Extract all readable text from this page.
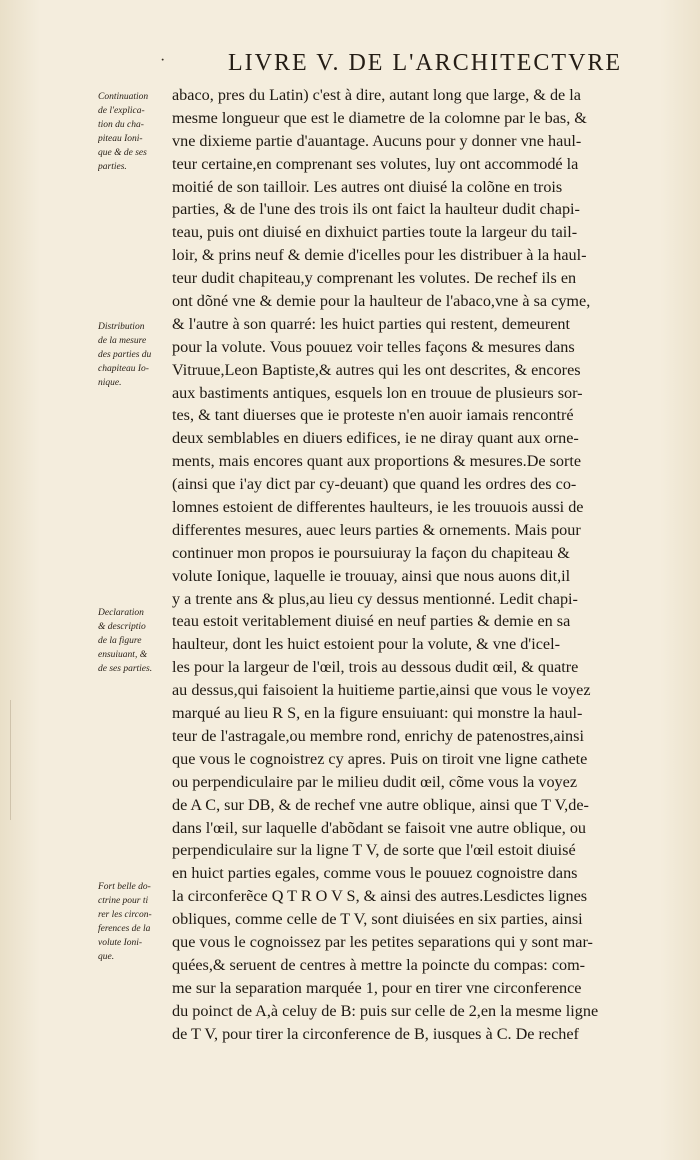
·	LIVRE V. DE L'ARCHITECTVRE
Continuation
de l'explica-
tion du cha-
piteau Ioni-
que & de ses
parties.
Distribution
de la mesure
des parties du
chapiteau Io-
nique.
Declaration
& descriptio
de la figure
ensuiuant, &
de ses parties.
Fort belle do-
ctrine pour ti
rer les circon-
ferences de la
volute Ioni-
que.
abaco, pres du Latin) c'est à dire, autant long que large, & de la
mesme longueur que est le diametre de la colomne par le bas, &
vne dixieme partie d'auantage. Aucuns pour y donner vne haul-
teur certaine,en comprenant ses volutes, luy ont accommodé la
moitié de son tailloir. Les autres ont diuisé la colõne en trois
parties, & de l'une des trois ils ont faict la haulteur dudit chapi-
teau, puis ont diuisé en dixhuict parties toute la largeur du tail-
loir, & prins neuf & demie d'icelles pour les distribuer à la haul-
teur dudit chapiteau,y comprenant les volutes. De rechef ils en
ont dõné vne & demie pour la haulteur de l'abaco,vne à sa cyme,
& l'autre à son quarré: les huict parties qui restent, demeurent
pour la volute. Vous pouuez voir telles façons & mesures dans
Vitruue,Leon Baptiste,& autres qui les ont descrites, & encores
aux bastiments antiques, esquels lon en trouue de plusieurs sor-
tes, & tant diuerses que ie proteste n'en auoir iamais rencontré
deux semblables en diuers edifices, ie ne diray quant aux orne-
ments, mais encores quant aux proportions & mesures.De sorte
(ainsi que i'ay dict par cy-deuant) que quand les ordres des co-
lomnes estoient de differentes haulteurs, ie les trouuois aussi de
differentes mesures, auec leurs parties & ornements. Mais pour
continuer mon propos ie poursuiuray la façon du chapiteau &
volute Ionique, laquelle ie trouuay, ainsi que nous auons dit,il
y a trente ans & plus,au lieu cy dessus mentionné. Ledit chapi-
teau estoit veritablement diuisé en neuf parties & demie en sa
haulteur, dont les huict estoient pour la volute, & vne d'icel-
les pour la largeur de l'œil, trois au dessous dudit œil, & quatre
au dessus,qui faisoient la huitieme partie,ainsi que vous le voyez
marqué au lieu R S, en la figure ensuiuant: qui monstre la haul-
teur de l'astragale,ou membre rond, enrichy de patenostres,ainsi
que vous le cognoistrez cy apres. Puis on tiroit vne ligne cathete
ou perpendiculaire par le milieu dudit œil, cõme vous la voyez
de A C, sur DB, & de rechef vne autre oblique, ainsi que T V,de-
dans l'œil, sur laquelle d'abõdant se faisoit vne autre oblique, ou
perpendiculaire sur la ligne T V, de sorte que l'œil estoit diuisé
en huict parties egales, comme vous le pouuez cognoistre dans
la circonferẽce Q T R O V S, & ainsi des autres.Lesdictes lignes
obliques, comme celle de T V, sont diuisées en six parties, ainsi
que vous le cognoissez par les petites separations qui y sont mar-
quées,& seruent de centres à mettre la poincte du compas: com-
me sur la separation marquée 1, pour en tirer vne circonference
du poinct de A,à celuy de B: puis sur celle de 2,en la mesme ligne
de T V, pour tirer la circonference de B, iusques à C. De rechef
